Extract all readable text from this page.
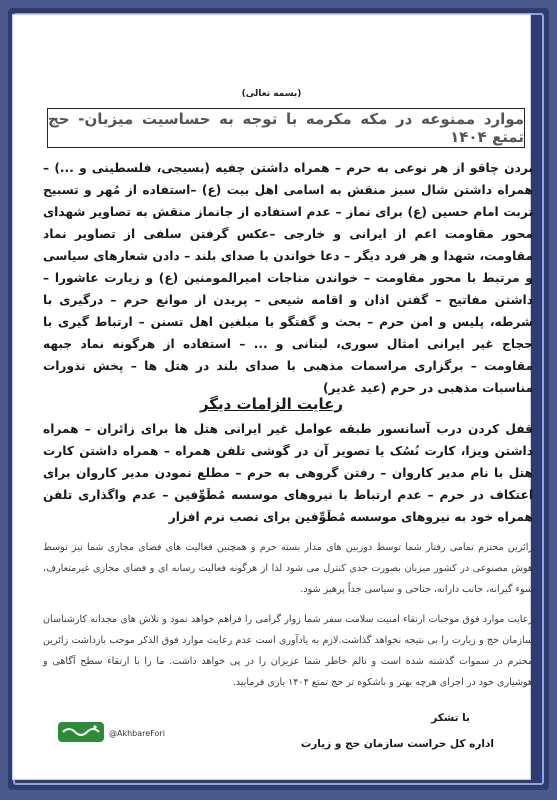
(بسمه تعالی)
موارد ممنوعه در مکه مکرمه با توجه به حساسیت میزبان- حج تمتع ۱۴۰۴
بردن چاقو از هر نوعی به حرم – همراه داشتن چفیه (بسیجی، فلسطینی و ...) – همراه داشتن شال سبز منقش به اسامی اهل بیت (ع) –استفاده از مُهر و تسبیح تربت امام حسین (ع) برای نماز – عدم استفاده از جانماز منقش به تصاویر شهدای محور مقاومت اعم از ایرانی و خارجی –عکس گرفتن سلفی از تصاویر نماد مقاومت، شهدا و هر فرد دیگر – دعا خواندن با صدای بلند – دادن شعارهای سیاسی و مرتبط با محور مقاومت – خواندن مناجات امیرالمومنین (ع) و زیارت عاشورا – داشتن مفاتیح – گفتن اذان و اقامه شیعی – پریدن از موانع حرم – درگیری با شرطه، پلیس و امن حرم – بحث و گفتگو با مبلغین اهل تسنن – ارتباط گیری با حجاج غیر ایرانی امثال سوری، لبنانی و ... – استفاده از هرگونه نماد جبهه مقاومت – برگزاری مراسمات مذهبی با صدای بلند در هتل ها – پخش نذورات مناسبات مذهبی در حرم (عید غدیر)
رعایت الزامات دیگر
قفل کردن درب آسانسور طبقه عوامل غیر ایرانی هتل ها برای زائران – همراه داشتن ویزا، کارت نُسُک یا تصویر آن در گوشی تلفن همراه – همراه داشتن کارت هتل با نام مدیر کاروان – رفتن گروهی به حرم – مطلع نمودن مدیر کاروان برای اعتکاف در حرم – عدم ارتباط با نیروهای موسسه مُطَوِّفین – عدم واگذاری تلفن همراه خود به نیروهای موسسه مُطَوِّفین برای نصب نرم افزار
زائرین محترم تمامی رفتار شما توسط دوربین های مدار بسته حرم و همچنین فعالیت های فضای مجازی شما نیز توسط هوش مصنوعی در کشور میزبان بصورت جدی کنترل می شود لذا از هرگونه فعالیت رسانه ای و فضای مجازی غیرمتعارف، سوء گیرانه، جانب دارانه، جناحی و سیاسی جداً پرهیز شود.
رعایت موارد فوق موجبات ارتقاء امنیت سلامت سفر شما زوار گرامی را فراهم خواهد نمود و تلاش های مجدانه کارشناسان سازمان حج و زیارت را بی نتیجه نخواهد گذاشت.لازم به یادآوری است عدم رعایت موارد فوق الذکر موجب بازداشت زائرین محترم در سموات گذشته شده است و تالم خاطر شما عزیزان را در پی خواهد داشت. ما را با ارتقاء سطح آگاهی و هوشیاری خود در اجرای هرچه بهتر و باشکوه تر حج تمتع ۱۴۰۴ یاری فرمایید.
با تشکر
اداره کل حراست سازمان حج و زیارت
@AkhbareFori
